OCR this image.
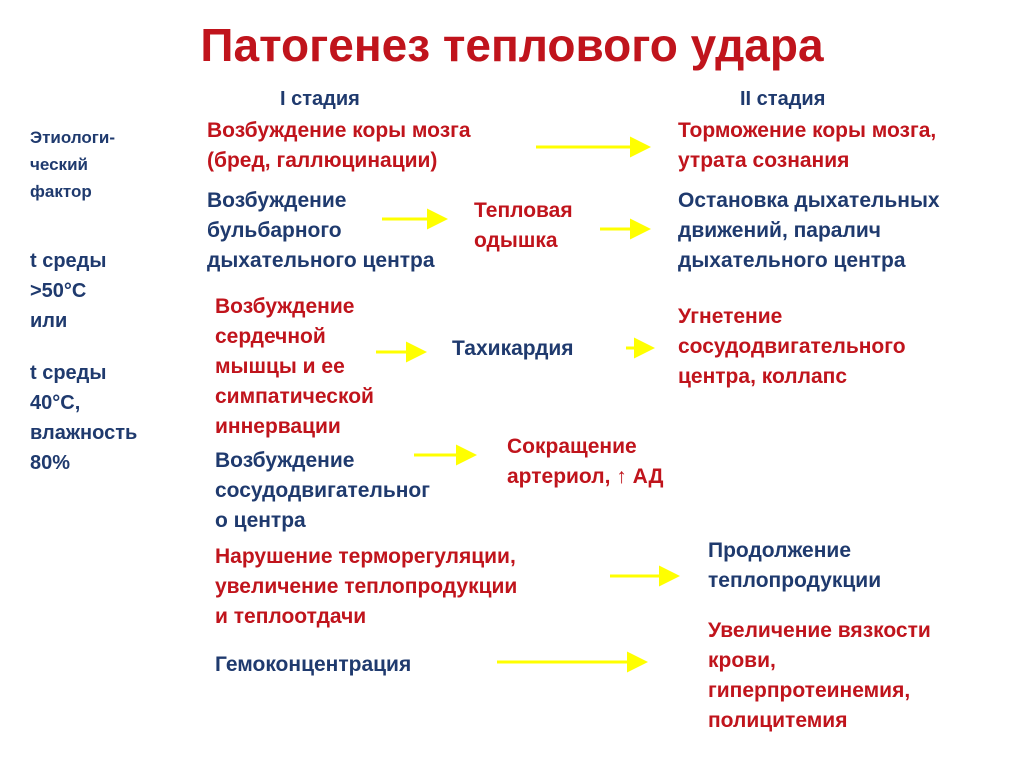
Патогенез теплового удара
I стадия	II стадия
Этиологи-
ческий
фактор
t среды
>50°С
или
t среды
40°С,
влажность
80%
Возбуждение коры мозга
(бред, галлюцинации)
Возбуждение
бульбарного
дыхательного центра
Возбуждение
сердечной
мышцы и ее
симпатической
иннервации
Возбуждение
сосудодвигательног
о центра
Нарушение терморегуляции,
увеличение теплопродукции
и теплоотдачи
Гемоконцентрация
Тепловая
одышка
Тахикардия
Сокращение
артериол, ↑ АД
Торможение коры мозга,
утрата сознания
Остановка дыхательных
движений, паралич
дыхательного центра
Угнетение
сосудодвигательного
центра, коллапс
Продолжение
теплопродукции
Увеличение вязкости
крови,
гиперпротеинемия,
полицитемия
